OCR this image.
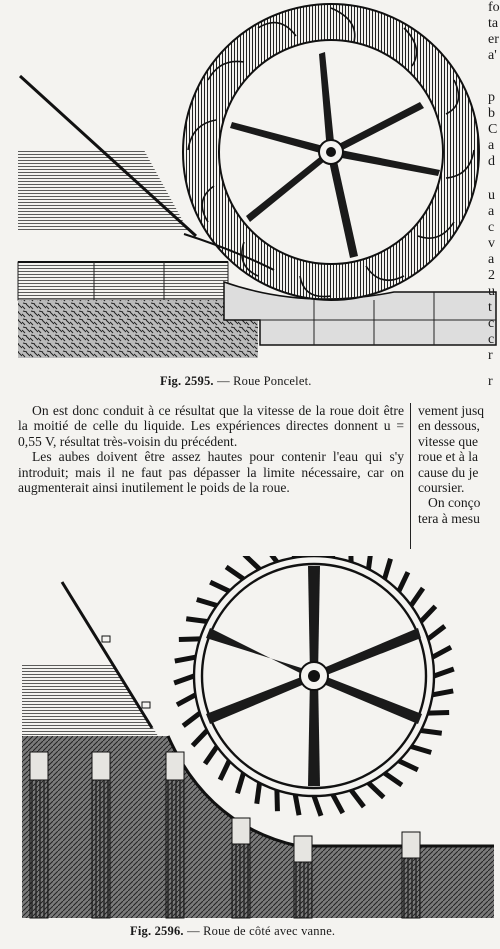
fo
ta
er
a'
p
b
C
a
d
u
a
c
v
a
2
u
t
c
c
r
r
Fig. 2595. — Roue Poncelet.

On est donc conduit à ce résultat que la vitesse de la roue doit être la moitié de celle du liquide. Les expériences directes donnent u = 0,55 V, résultat très-voisin du précédent.

Les aubes doivent être assez hautes pour contenir l'eau qui s'y introduit; mais il ne faut pas dépasser la limite nécessaire, car on augmenterait ainsi inutilement le poids de la roue.

vement jusq

en dessous,

vitesse que

roue et à la

cause du je

coursier.

On conço

tera à mesu

Fig. 2596. — Roue de côté avec vanne.
